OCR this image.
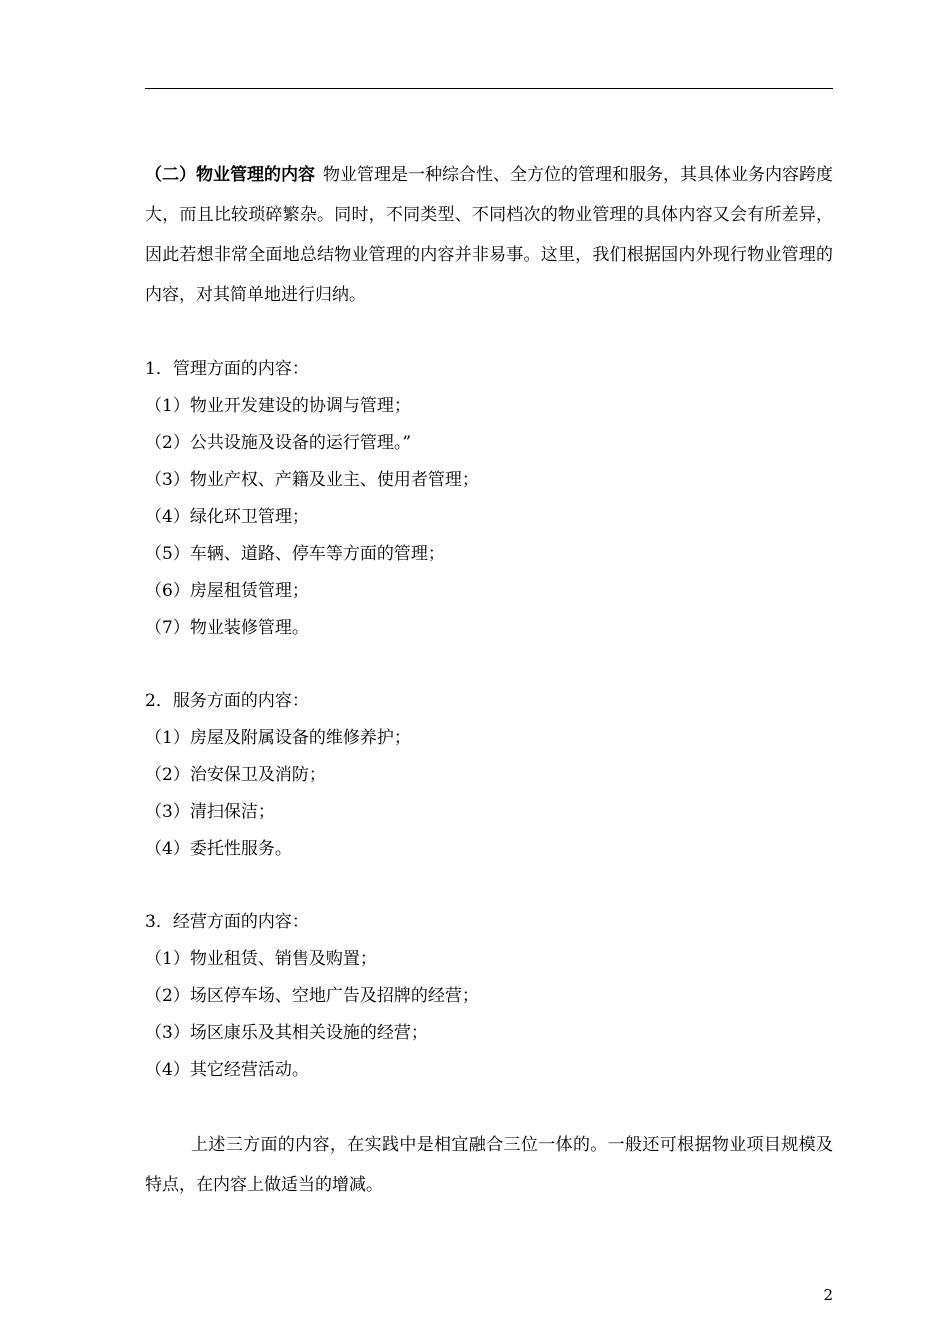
（二）物业管理的内容 物业管理是一种综合性、全方位的管理和服务，其具体业务内容跨度大，而且比较琐碎繁杂。同时，不同类型、不同档次的物业管理的具体内容又会有所差异，因此若想非常全面地总结物业管理的内容并非易事。这里，我们根据国内外现行物业管理的内容，对其简单地进行归纳。

1．管理方面的内容：

（1）物业开发建设的协调与管理；

（2）公共设施及设备的运行管理。”

（3）物业产权、产籍及业主、使用者管理；

（4）绿化环卫管理；

（5）车辆、道路、停车等方面的管理；

（6）房屋租赁管理；

（7）物业装修管理。

2．服务方面的内容：

（1）房屋及附属设备的维修养护；

（2）治安保卫及消防；

（3）清扫保洁；

（4）委托性服务。

3．经营方面的内容：

（1）物业租赁、销售及购置；

（2）场区停车场、空地广告及招牌的经营；

（3）场区康乐及其相关设施的经营；

（4）其它经营活动。

上述三方面的内容，在实践中是相宜融合三位一体的。一般还可根据物业项目规模及特点，在内容上做适当的增减。

2
